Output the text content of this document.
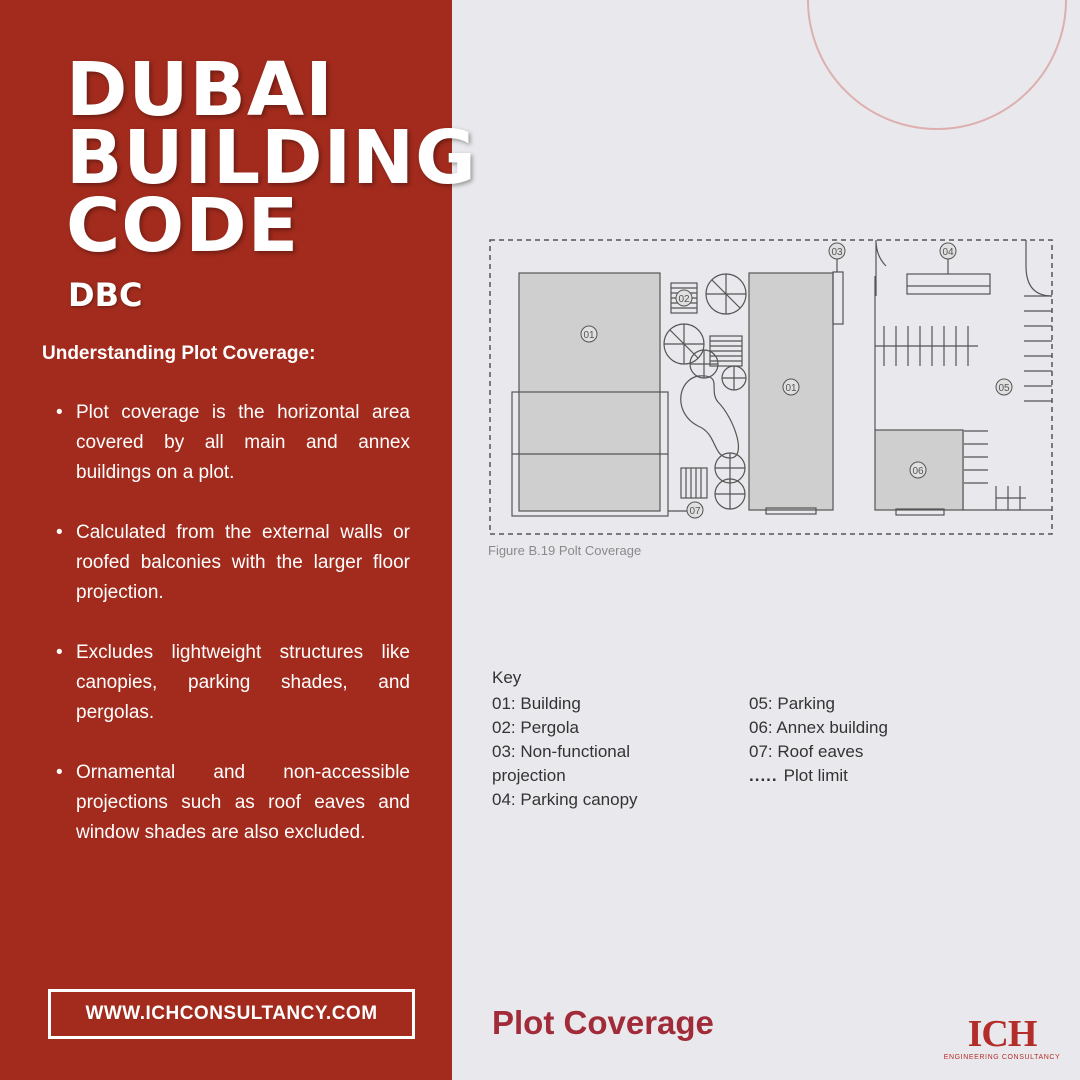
DUBAI
BUILDING
CODE
DBC
Understanding Plot Coverage:
• Plot coverage is the horizontal area covered by all main and annex buildings on a plot.
• Calculated from the external walls or roofed balconies with the larger floor projection.
• Excludes lightweight structures like canopies, parking shades, and pergolas.
• Ornamental and non-accessible projections such as roof eaves and window shades are also excluded.
WWW.ICHCONSULTANCY.COM
01
02
03	04
01	05
06
07
Figure B.19 Polt Coverage
Key
01: Building
02: Pergola
03: Non-functional projection
04: Parking canopy
05: Parking
06: Annex building
07: Roof eaves
..... Plot limit
Plot Coverage	ICH
ENGINEERING CONSULTANCY
